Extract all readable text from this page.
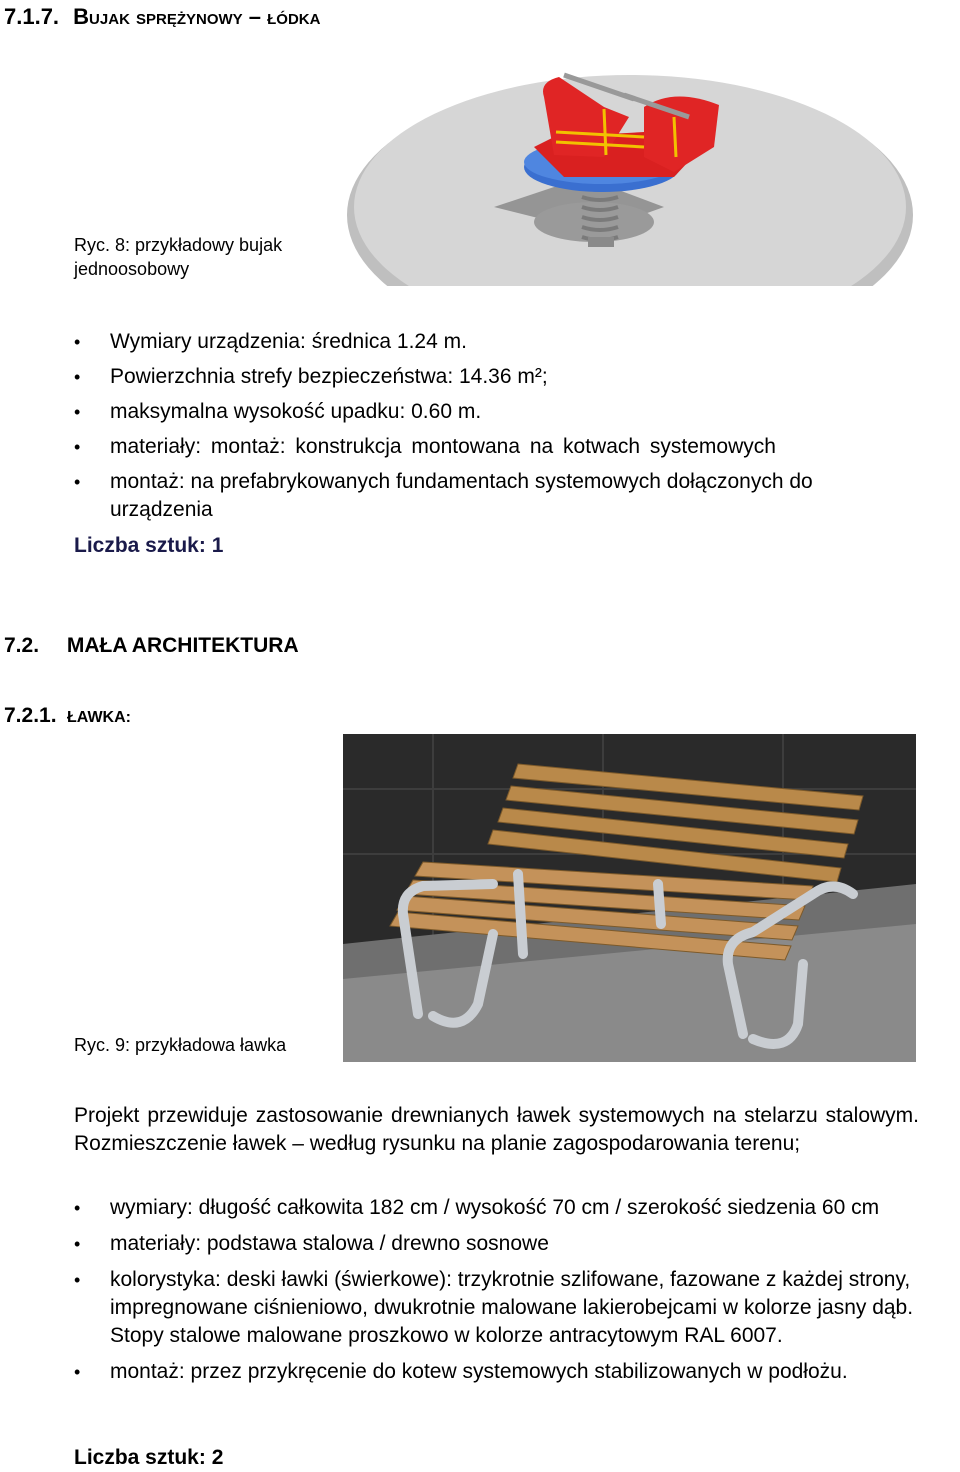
7.1.7. Bujak sprężynowy – łódka
Ryc. 8: przykładowy bujak jednoosobowy
• Wymiary urządzenia: średnica 1.24 m.
• Powierzchnia strefy bezpieczeństwa: 14.36 m²;
• maksymalna wysokość upadku: 0.60 m.
• materiały: montaż: konstrukcja montowana na kotwach systemowych
• montaż: na prefabrykowanych fundamentach systemowych dołączonych do urządzenia
Liczba sztuk: 1
7.2. MAŁA ARCHITEKTURA
7.2.1. ŁAWKA:
Ryc. 9: przykładowa ławka
Projekt przewiduje zastosowanie drewnianych ławek systemowych na stelarzu stalowym. Rozmieszczenie ławek – według rysunku na planie zagospodarowania terenu;
• wymiary: długość całkowita 182 cm / wysokość 70 cm / szerokość siedzenia 60 cm
• materiały: podstawa stalowa / drewno sosnowe
• kolorystyka: deski ławki (świerkowe): trzykrotnie szlifowane, fazowane z każdej strony, impregnowane ciśnieniowo, dwukrotnie malowane lakierobejcami w kolorze jasny dąb. Stopy stalowe malowane proszkowo w kolorze antracytowym RAL 6007.
• montaż: przez przykręcenie do kotew systemowych stabilizowanych w podłożu.
Liczba sztuk: 2
